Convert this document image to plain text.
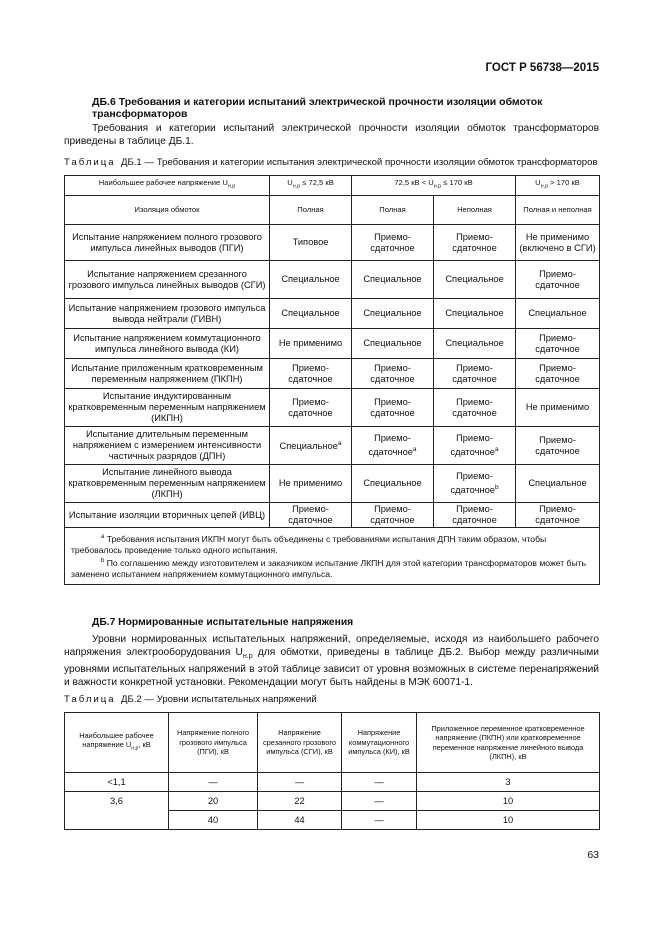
ГОСТ Р 56738—2015
ДБ.6 Требования и категории испытаний электрической прочности изоляции обмоток трансформаторов
Требования и категории испытаний электрической прочности изоляции обмоток трансформаторов приведены в таблице ДБ.1.
Таблица ДБ.1 — Требования и категории испытания электрической прочности изоляции обмоток трансформаторов
Наибольшее рабочее напряжение $U_{н.р}$	$U_{н.р} \le 72,5$ кВ	72,5 кВ < $U_{н.р} \le 170$ кВ		$U_{н.р} > 170$ кВ
Изоляция обмоток	Полная	Полная	Неполная	Полная и неполная
Испытание напряжением полного грозового импульса линейных выводов (ПГИ)	Типовое	Приемо-сдаточное	Приемо-сдаточное	Не применимо (включено в СГИ)
Испытание напряжением срезанного грозового импульса линейных выводов (СГИ)	Специальное	Специальное	Специальное	Приемо-сдаточное
Испытание напряжением грозового импульса вывода нейтрали (ГИВН)	Специальное	Специальное	Специальное	Специальное
Испытание напряжением коммутационного импульса линейного вывода (КИ)	Не применимо	Специальное	Специальное	Приемо-сдаточное
Испытание приложенным кратковременным переменным напряжением (ПКПН)	Приемо-сдаточное	Приемо-сдаточное	Приемо-сдаточное	Приемо-сдаточное
Испытание индуктированным кратковременным переменным напряжением (ИКПН)	Приемо-сдаточное	Приемо-сдаточное	Приемо-сдаточное	Не применимо
Испытание длительным переменным напряжением с измерением интенсивности частичных разрядов (ДПН)	Специальное$^a$	Приемо-сдаточное$^a$	Приемо-сдаточное$^a$	Приемо-сдаточное
Испытание линейного вывода кратковременным переменным напряжением (ЛКПН)	Не применимо	Специальное	Приемо-сдаточное$^b$	Специальное
Испытание изоляции вторичных цепей (ИВЦ)	Приемо-сдаточное	Приемо-сдаточное	Приемо-сдаточное	Приемо-сдаточное

$^a$ Требования испытания ИКПН могут быть объединены с требованиями испытания ДПН таким образом, чтобы требовалось проведение только одного испытания.
$^b$ По соглашению между изготовителем и заказчиком испытание ЛКПН для этой категории трансформаторов может быть заменено испытанием напряжением коммутационного импульса.				
ДБ.7 Нормированные испытательные напряжения
Уровни нормированных испытательных напряжений, определяемые, исходя из наибольшего рабочего напряжения электрооборудования $U_{н.р}$ для обмотки, приведены в таблице ДБ.2. Выбор между различными уровнями испытательных напряжений в этой таблице зависит от уровня возможных в системе перенапряжений и важности конкретной установки. Рекомендации могут быть найдены в МЭК 60071-1.
Таблица ДБ.2 — Уровни испытательных напряжений
Наибольшее рабочее напряжение $U_{н.р}$, кВ	Напряжение полного грозового импульса (ПГИ), кВ	Напряжение срезанного грозового импульса (СГИ), кВ	Напряжение коммутационного импульса (КИ), кВ	Приложенное переменное кратковременное напряжение (ПКПН) или кратковременное переменное напряжение линейного вывода (ЛКПН), кВ
<1,1	—	—	—	3
3,6	20	22	—	10
	40	44	—	10
63
